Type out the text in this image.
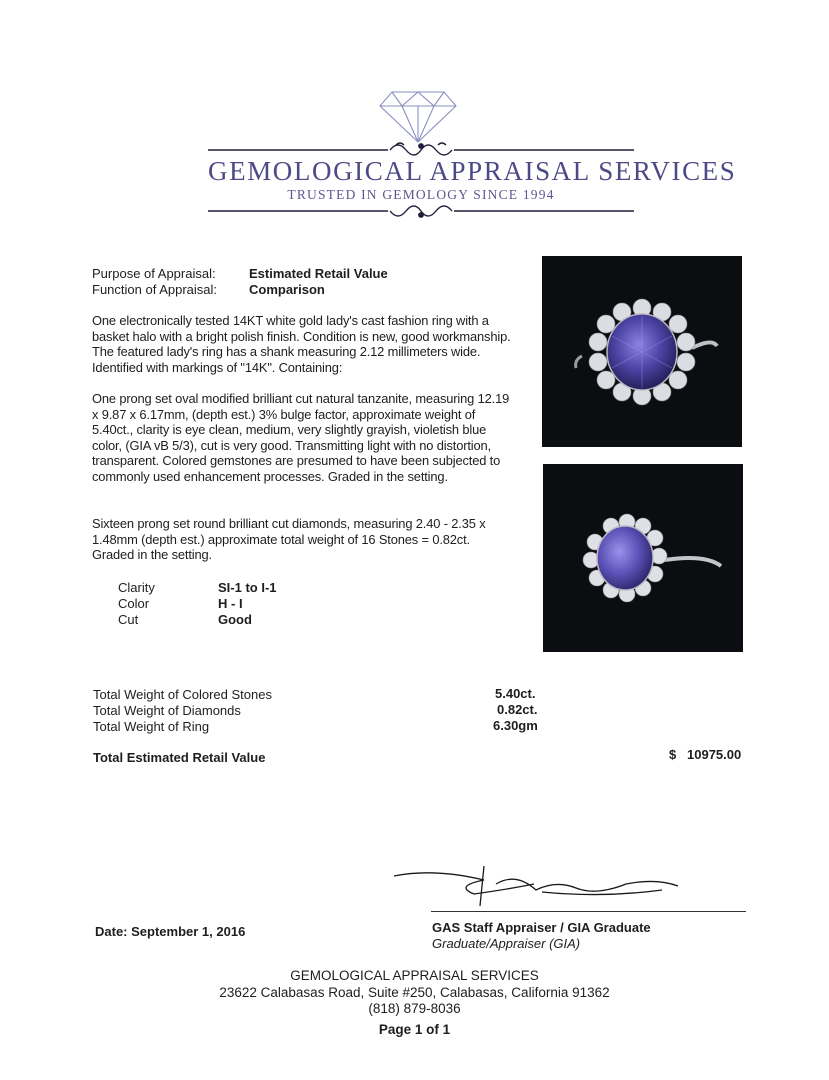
GEMOLOGICAL APPRAISAL SERVICES
TRUSTED IN GEMOLOGY SINCE 1994
Purpose of Appraisal:	Estimated Retail Value
Function of Appraisal: Comparison
One electronically tested 14KT white gold lady's cast fashion ring with a basket halo with a bright polish finish. Condition is new, good workmanship. The featured lady's ring has a shank measuring 2.12 millimeters wide. Identified with markings of "14K". Containing:
One prong set oval modified brilliant cut natural tanzanite, measuring 12.19 x 9.87 x 6.17mm, (depth est.) 3% bulge factor, approximate weight of 5.40ct., clarity is eye clean, medium, very slightly grayish, violetish blue color, (GIA vB 5/3), cut is very good. Transmitting light with no distortion, transparent. Colored gemstones are presumed to have been subjected to commonly used enhancement processes. Graded in the setting.
Sixteen prong set round brilliant cut diamonds, measuring 2.40 - 2.35 x 1.48mm (depth est.) approximate total weight of 16 Stones = 0.82ct. Graded in the setting.
Clarity	SI-1 to I-1
Color	H - I
Cut	Good
Total Weight of Colored Stones	5.40ct.
Total Weight of Diamonds	0.82ct.
Total Weight of Ring	6.30gm
Total Estimated Retail Value	$ 10975.00
Date: September 1, 2016	GAS Staff Appraiser / GIA Graduate
Graduate/Appraiser (GIA)
GEMOLOGICAL APPRAISAL SERVICES
23622 Calabasas Road, Suite #250, Calabasas, California 91362
(818) 879-8036
Page 1 of 1
